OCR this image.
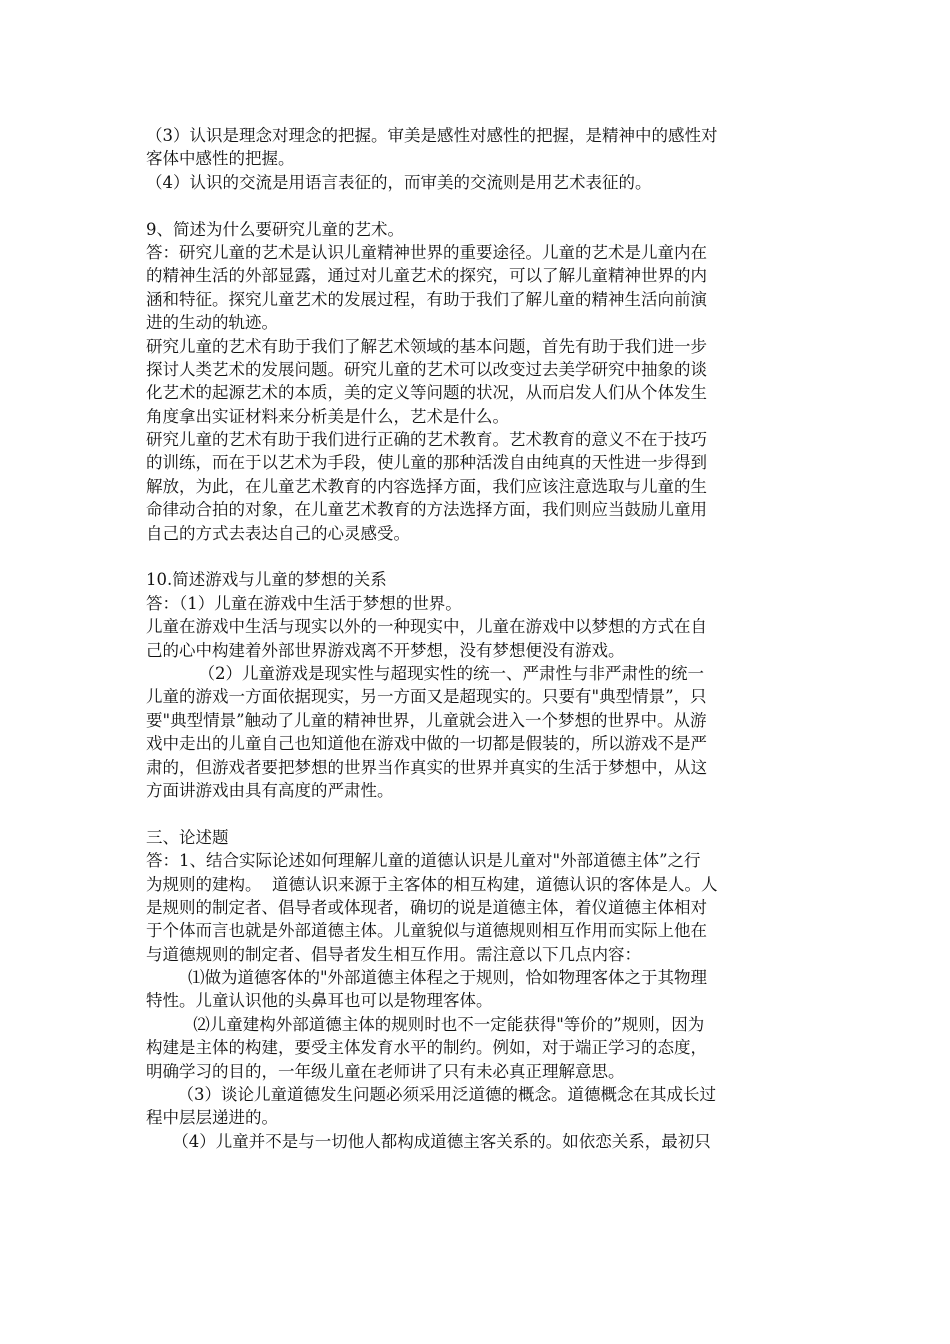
（3）认识是理念对理念的把握。审美是感性对感性的把握，是精神中的感性对
客体中感性的把握。
（4）认识的交流是用语言表征的，而审美的交流则是用艺术表征的。
9、简述为什么要研究儿童的艺术。
答：研究儿童的艺术是认识儿童精神世界的重要途径。儿童的艺术是儿童内在
的精神生活的外部显露，通过对儿童艺术的探究，可以了解儿童精神世界的内
涵和特征。探究儿童艺术的发展过程，有助于我们了解儿童的精神生活向前演
进的生动的轨迹。
研究儿童的艺术有助于我们了解艺术领域的基本问题，首先有助于我们进一步
探讨人类艺术的发展问题。研究儿童的艺术可以改变过去美学研究中抽象的谈
化艺术的起源艺术的本质，美的定义等问题的状况，从而启发人们从个体发生
角度拿出实证材料来分析美是什么，艺术是什么。
研究儿童的艺术有助于我们进行正确的艺术教育。艺术教育的意义不在于技巧
的训练，而在于以艺术为手段，使儿童的那种活泼自由纯真的天性进一步得到
解放，为此，在儿童艺术教育的内容选择方面，我们应该注意选取与儿童的生
命律动合拍的对象，在儿童艺术教育的方法选择方面，我们则应当鼓励儿童用
自己的方式去表达自己的心灵感受。
10.简述游戏与儿童的梦想的关系
答：（1）儿童在游戏中生活于梦想的世界。
儿童在游戏中生活与现实以外的一种现实中，儿童在游戏中以梦想的方式在自
己的心中构建着外部世界游戏离不开梦想，没有梦想便没有游戏。
（2）儿童游戏是现实性与超现实性的统一、严肃性与非严肃性的统一
儿童的游戏一方面依据现实，另一方面又是超现实的。只要有"典型情景”，只
要"典型情景”触动了儿童的精神世界，儿童就会进入一个梦想的世界中。从游
戏中走出的儿童自己也知道他在游戏中做的一切都是假装的，所以游戏不是严
肃的，但游戏者要把梦想的世界当作真实的世界并真实的生活于梦想中，从这
方面讲游戏由具有高度的严肃性。
三、论述题
答：1、结合实际论述如何理解儿童的道德认识是儿童对"外部道德主体”之行
为规则的建构。  道德认识来源于主客体的相互构建，道德认识的客体是人。人
是规则的制定者、倡导者或体现者，确切的说是道德主体，着仪道德主体相对
于个体而言也就是外部道德主体。儿童貌似与道德规则相互作用而实际上他在
与道德规则的制定者、倡导者发生相互作用。需注意以下几点内容：
⑴做为道德客体的"外部道德主体程之于规则，恰如物理客体之于其物理
特性。儿童认识他的头鼻耳也可以是物理客体。
⑵儿童建构外部道德主体的规则时也不一定能获得"等价的”规则，因为
构建是主体的构建，要受主体发育水平的制约。例如，对于端正学习的态度，
明确学习的目的，一年级儿童在老师讲了只有未必真正理解意思。
（3）谈论儿童道德发生问题必须采用泛道德的概念。道德概念在其成长过
程中层层递进的。
（4）儿童并不是与一切他人都构成道德主客关系的。如依恋关系，最初只
